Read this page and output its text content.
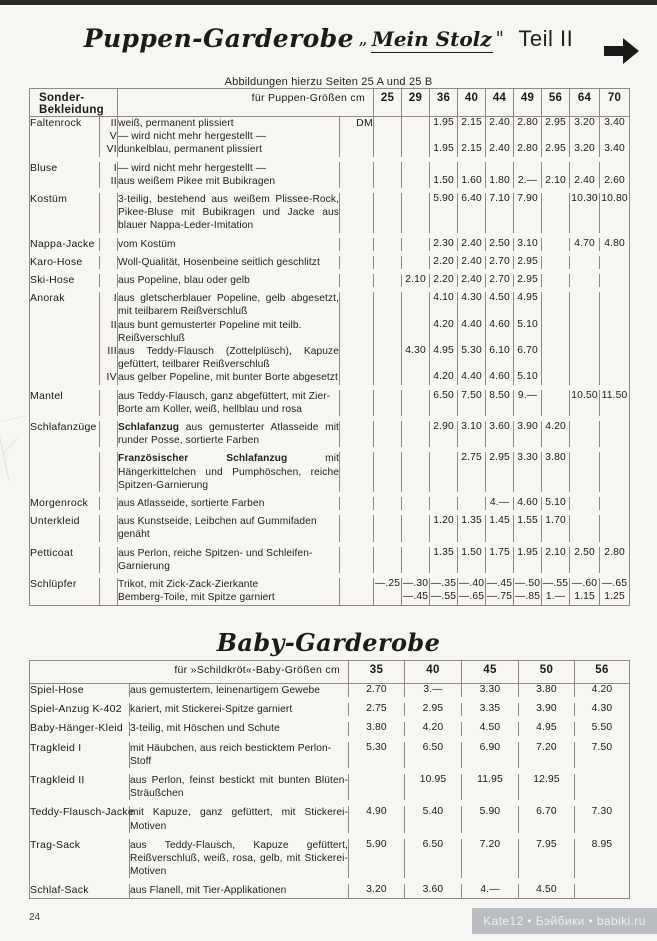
Puppen-Garderobe „ Mein Stolz " Teil II
Abbildungen hierzu Seiten 25 A und 25 B
Sonder-Bekleidung		für Puppen-Größen cm		25	29	36	40	44	49	56	64	70
Faltenrock	II	weiß, permanent plissiert	DM			1.95	2.15	2.40	2.80	2.95	3.20	3.40
	V	— wird nicht mehr hergestellt —										
	VI	dunkelblau, permanent plissiert				1.95	2.15	2.40	2.80	2.95	3.20	3.40

Bluse	I	— wird nicht mehr hergestellt —										
	II	aus weißem Pikee mit Bubikragen				1.50	1.60	1.80	2.—	2.10	2.40	2.60

Kostüm		3-teilig, bestehend aus weißem Plissee-Rock, Pikee-Bluse mit Bubikragen und Jacke aus blauer Nappa-Leder-Imitation				5.90	6.40	7.10	7.90		10.30	10.80

Nappa-Jacke		vom Kostüm				2.30	2.40	2.50	3.10		4.70	4.80

Karo-Hose		Woll-Qualität, Hosenbeine seitlich geschlitzt				2.20	2.40	2.70	2.95			

Ski-Hose		aus Popeline, blau oder gelb			2.10	2.20	2.40	2.70	2.95			

Anorak	I	aus gletscherblauer Popeline, gelb abgesetzt, mit teilbarem Reißverschluß				4.10	4.30	4.50	4.95			
	II	aus bunt gemusterter Popeline mit teilb. Reißverschluß				4.20	4.40	4.60	5.10			
	III	aus Teddy-Flausch (Zottelplüsch), Kapuze gefüttert, teilbarer Reißverschluß			4.30	4.95	5.30	6.10	6.70			
	IV	aus gelber Popeline, mit bunter Borte abgesetzt				4.20	4.40	4.60	5.10			

Mantel		aus Teddy-Flausch, ganz abgefüttert, mit Zier-Borte am Koller, weiß, hellblau und rosa				6.50	7.50	8.50	9.—		10.50	11.50

Schlafanzüge		Schlafanzug aus gemusterter Atlasseide mit runder Posse, sortierte Farben				2.90	3.10	3.60	3.90	4.20		

		Französischer Schlafanzug mit Hängerkittelchen und Pumphöschen, reiche Spitzen-Garnierung					2.75	2.95	3.30	3.80		

Morgenrock		aus Atlasseide, sortierte Farben						4.—	4.60	5.10		

Unterkleid		aus Kunstseide, Leibchen auf Gummifaden genäht				1.20	1.35	1.45	1.55	1.70		

Petticoat		aus Perlon, reiche Spitzen- und Schleifen-Garnierung				1.35	1.50	1.75	1.95	2.10	2.50	2.80

Schlüpfer		Trikot, mit Zick-Zack-Zierkante		—.25	—.30	—.35	—.40	—.45	—.50	—.55	—.60	—.65
		Bemberg-Toile, mit Spitze garniert			—.45	—.55	—.65	—.75	—.85	1.—	1.15	1.25
Baby-Garderobe
für »Schildkröt«-Baby-Größen cm		35	40	45	50	56
Spiel-Hose	aus gemustertem, leinenartigem Gewebe	2.70	3.—	3.30	3.80	4.20

Spiel-Anzug K-402	kariert, mit Stickerei-Spitze garniert	2.75	2.95	3.35	3.90	4.30

Baby-Hänger-Kleid	3-teilig, mit Höschen und Schute	3.80	4.20	4.50	4.95	5.50

Tragkleid I	mit Häubchen, aus reich besticktem Perlon-Stoff	5.30	6.50	6.90	7.20	7.50

Tragkleid II	aus Perlon, feinst bestickt mit bunten Blüten-Sträußchen		10.95	11.95	12.95	

Teddy-Flausch-Jacke	mit Kapuze, ganz gefüttert, mit Stickerei-Motiven	4.90	5.40	5.90	6.70	7.30

Trag-Sack	aus Teddy-Flausch, Kapuze gefüttert, Reißverschluß, weiß, rosa, gelb, mit Stickerei-Motiven	5.90	6.50	7.20	7.95	8.95

Schlaf-Sack	aus Flanell, mit Tier-Applikationen	3.20	3.60	4.—	4.50	
24	Kate12 • Бэйбики • babiki.ru
